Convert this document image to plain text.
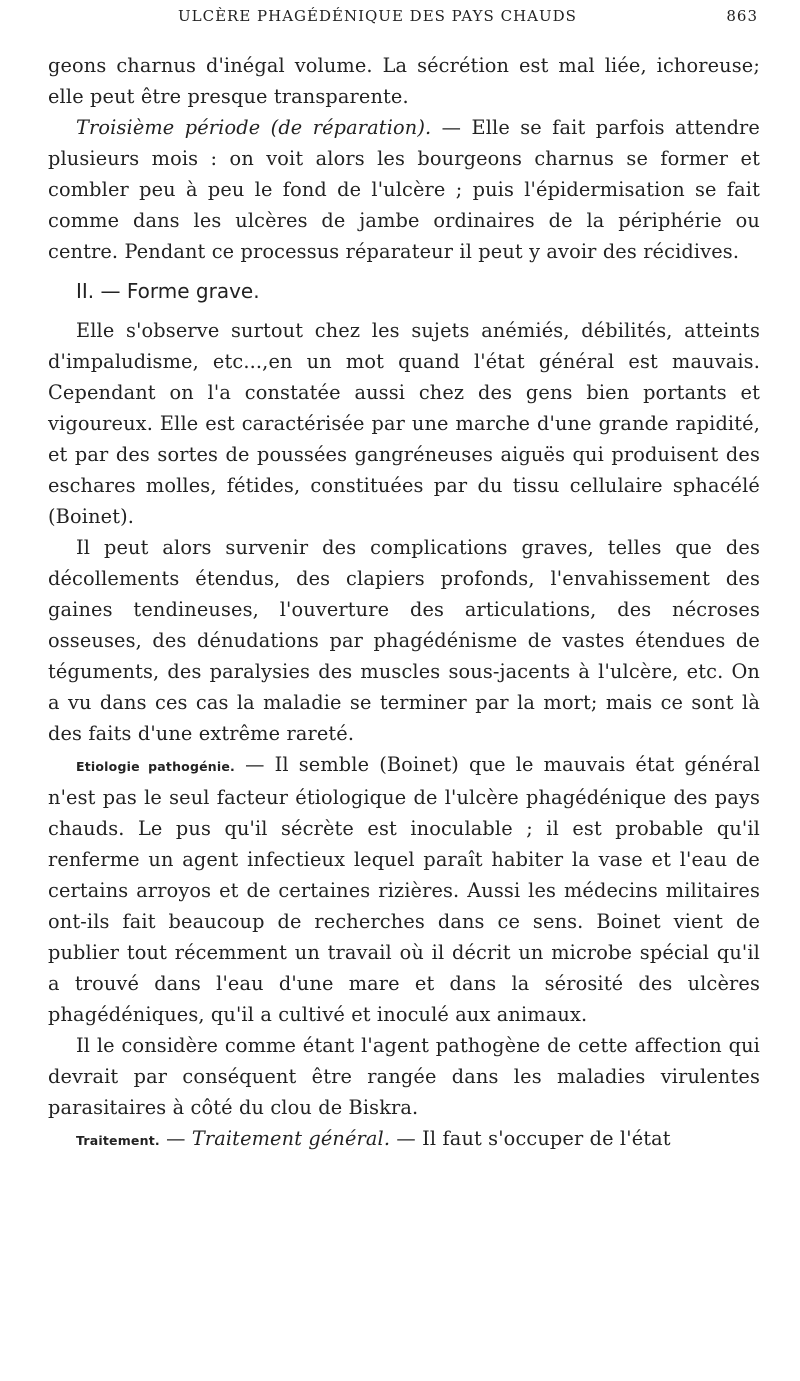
ULCÈRE PHAGÉDÉNIQUE DES PAYS CHAUDS	863

geons charnus d'inégal volume. La sécrétion est mal liée, ichoreuse; elle peut être presque transparente.

Troisième période (de réparation). — Elle se fait parfois attendre plusieurs mois : on voit alors les bourgeons charnus se former et combler peu à peu le fond de l'ulcère ; puis l'épidermisation se fait comme dans les ulcères de jambe ordinaires de la périphérie ou centre. Pendant ce processus réparateur il peut y avoir des récidives.

II. — Forme grave.

Elle s'observe surtout chez les sujets anémiés, débilités, atteints d'impaludisme, etc...,en un mot quand l'état général est mauvais. Cependant on l'a constatée aussi chez des gens bien portants et vigoureux. Elle est caractérisée par une marche d'une grande rapidité, et par des sortes de poussées gangréneuses aiguës qui produisent des eschares molles, fétides, constituées par du tissu cellulaire sphacélé (Boinet).

Il peut alors survenir des complications graves, telles que des décollements étendus, des clapiers profonds, l'envahissement des gaines tendineuses, l'ouverture des articulations, des nécroses osseuses, des dénudations par phagédénisme de vastes étendues de téguments, des paralysies des muscles sous-jacents à l'ulcère, etc. On a vu dans ces cas la maladie se terminer par la mort; mais ce sont là des faits d'une extrême rareté.

Etiologie pathogénie. — Il semble (Boinet) que le mauvais état général n'est pas le seul facteur étiologique de l'ulcère phagédénique des pays chauds. Le pus qu'il sécrète est inoculable ; il est probable qu'il renferme un agent infectieux lequel paraît habiter la vase et l'eau de certains arroyos et de certaines rizières. Aussi les médecins militaires ont-ils fait beaucoup de recherches dans ce sens. Boinet vient de publier tout récemment un travail où il décrit un microbe spécial qu'il a trouvé dans l'eau d'une mare et dans la sérosité des ulcères phagédéniques, qu'il a cultivé et inoculé aux animaux.

Il le considère comme étant l'agent pathogène de cette affection qui devrait par conséquent être rangée dans les maladies virulentes parasitaires à côté du clou de Biskra.

Traitement. — Traitement général. — Il faut s'occuper de l'état
